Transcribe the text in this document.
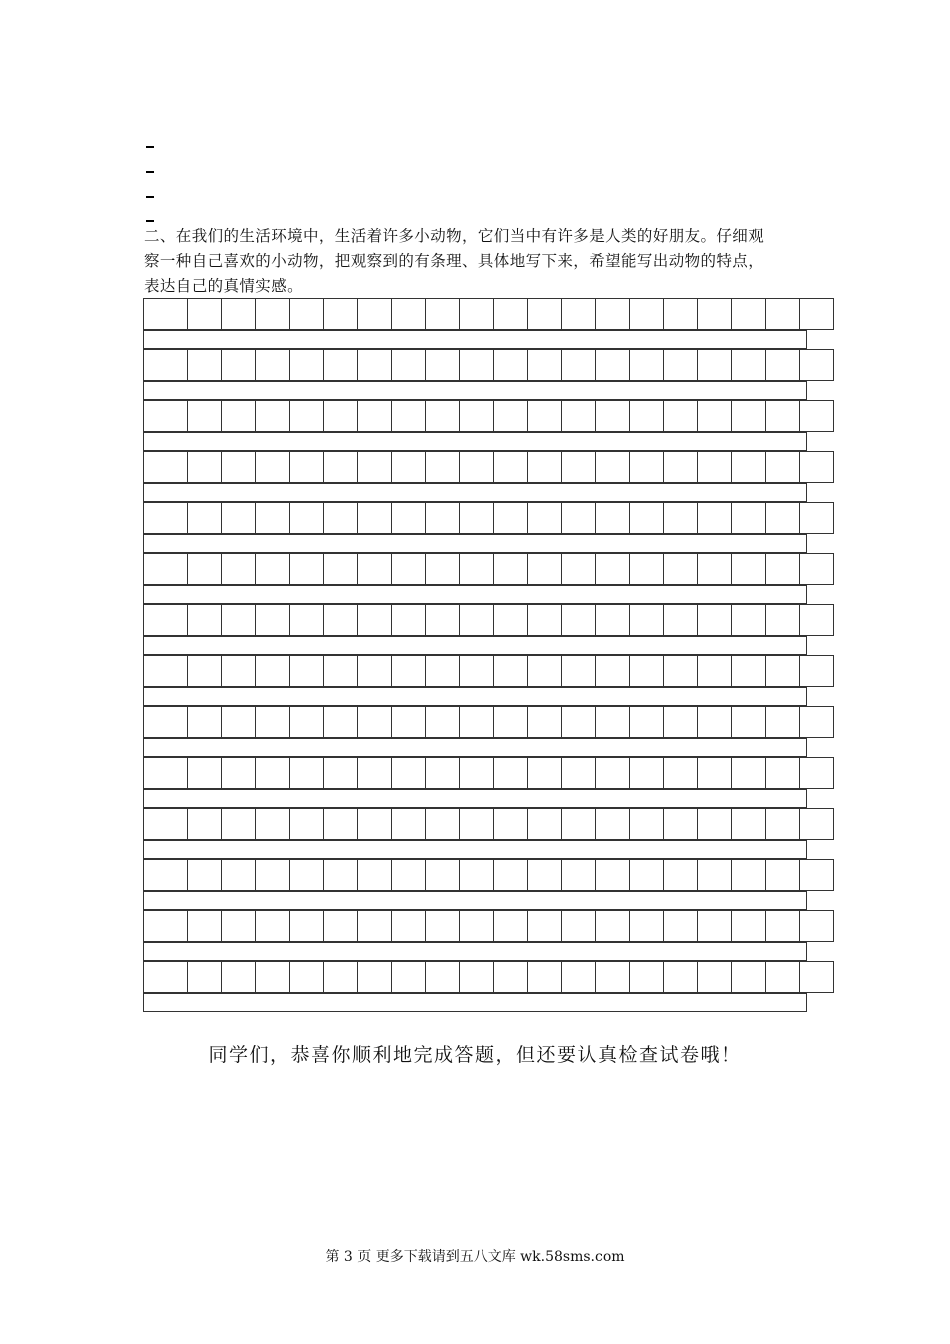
二、在我们的生活环境中，生活着许多小动物，它们当中有许多是人类的好朋友。仔细观

察一种自己喜欢的小动物，把观察到的有条理、具体地写下来，希望能写出动物的特点，

表达自己的真情实感。

同学们，恭喜你顺利地完成答题，但还要认真检查试卷哦！
第 3 页 更多下载请到五八文库 wk.58sms.com
